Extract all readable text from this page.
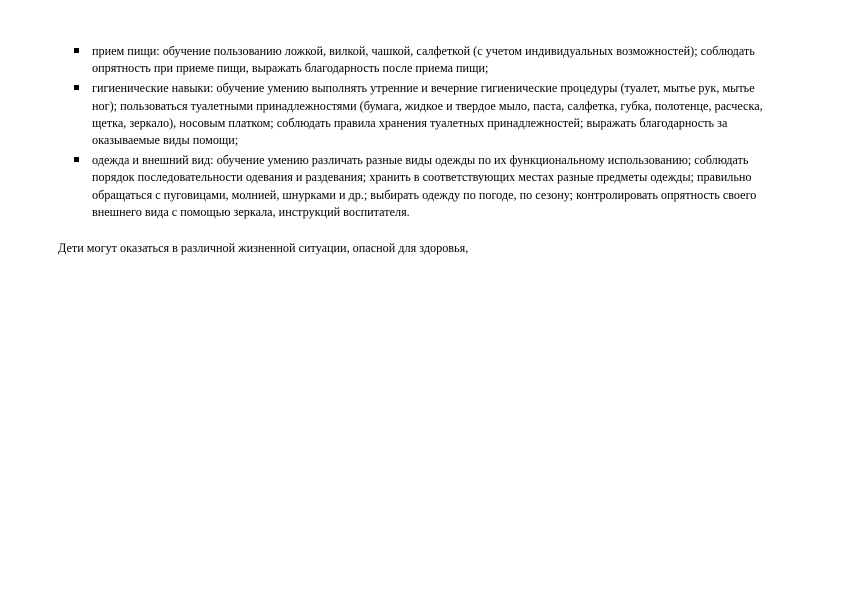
прием пищи: обучение пользованию ложкой, вилкой, чашкой, салфеткой (с учетом индивидуальных возможностей); соблюдать опрятность при приеме пищи, выражать благодарность после приема пищи;
гигиенические навыки: обучение умению выполнять утренние и вечерние гигиенические процедуры (туалет, мытье рук, мытье ног); пользоваться туалетными принадлежностями (бумага, жидкое и твердое мыло, паста, салфетка, губка, полотенце, расческа, щетка, зеркало), носовым платком; соблюдать правила хранения туалетных принадлежностей; выражать благодарность за оказываемые виды помощи;
одежда и внешний вид: обучение умению различать разные виды одежды по их функциональному использованию; соблюдать порядок последовательности одевания и раздевания; хранить в соответствующих местах разные предметы одежды; правильно обращаться с пуговицами, молнией, шнурками и др.; выбирать одежду по погоде, по сезону; контролировать опрятность своего внешнего вида с помощью зеркала, инструкций воспитателя.

Дети могут оказаться в различной жизненной ситуации, опасной для здоровья,
